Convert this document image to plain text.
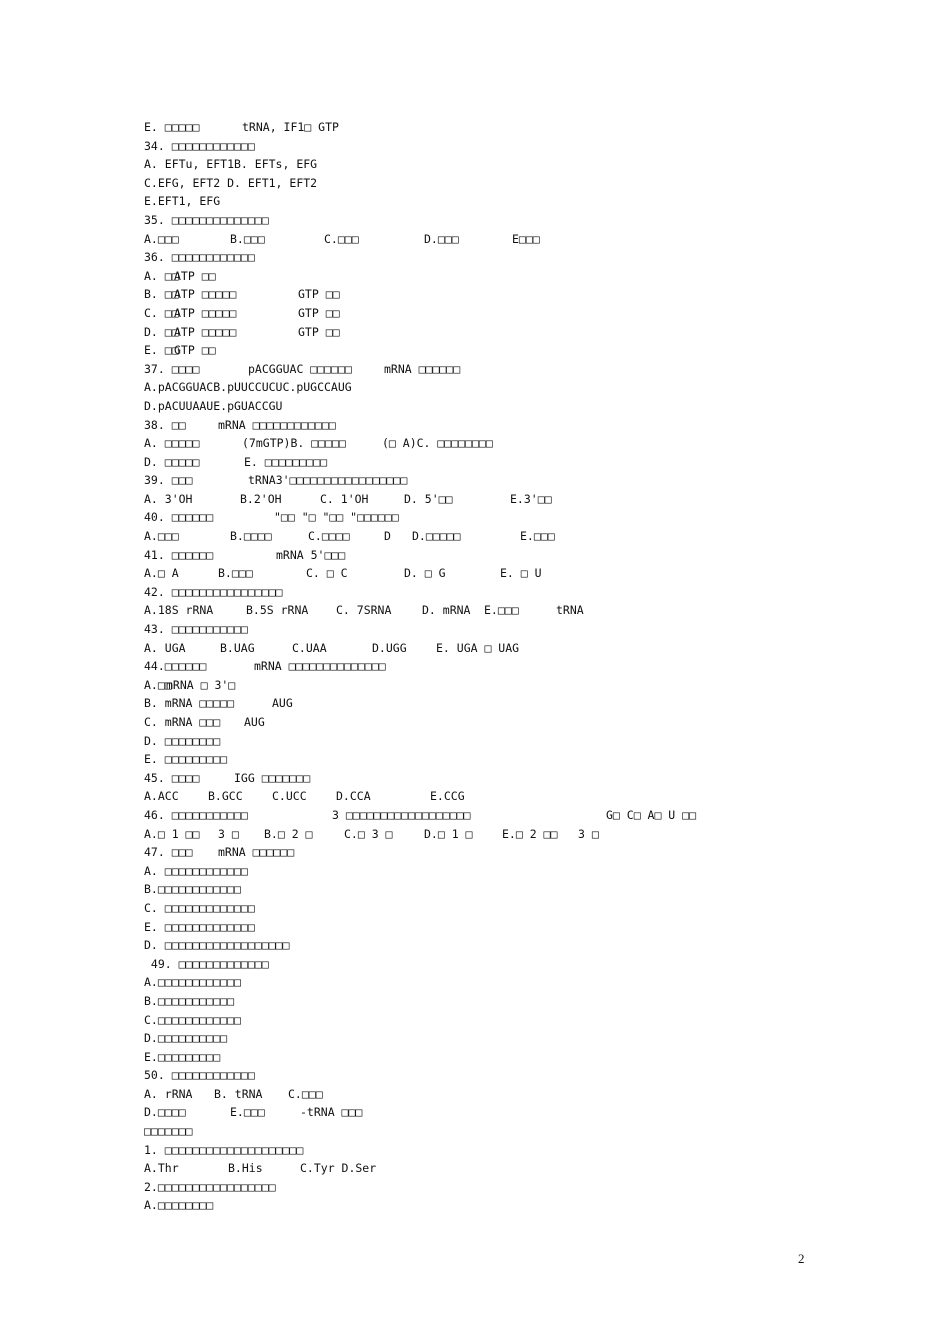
E. □□□□□	tRNA, IF1□ GTP
34. □□□□□□□□□□□□
A. EFTu, EFT1B. EFTs, EFG
C.EFG, EFT2 D. EFT1, EFT2
E.EFT1, EFG
35. □□□□□□□□□□□□□□
A.□□□	B.□□□	C.□□□	D.□□□	E□□□
36. □□□□□□□□□□□□
A. □□
ATP □□
B. □□
ATP □□□□□	GTP □□
C. □□
ATP □□□□□	GTP □□
D. □□
ATP □□□□□	GTP □□
E. □□
GTP □□
37. □□□□	pACGGUAC □□□□□□	mRNA □□□□□□
A.pACGGUACB.pUUCCUCUC.pUGCCAUG
D.pACUUAAUE.pGUACCGU
38. □□	mRNA □□□□□□□□□□□□
A. □□□□□	(7mGTP)B. □□□□□	(□ A)C. □□□□□□□□
D. □□□□□	E. □□□□□□□□□
39. □□□	tRNA3'□□□□□□□□□□□□□□□□□
A. 3'OH	B.2'OH	C. 1'OH	D. 5'□□	E.3'□□
40. □□□□□□	"□□ "□ "□□ "□□□□□□
A.□□□	B.□□□□	C.□□□□	D D.□□□□□	E.□□□
41. □□□□□□	mRNA 5'□□□
A.□ A	B.□□□	C. □ C	D. □ G	E. □ U
42. □□□□□□□□□□□□□□□□
A.18S rRNA	B.5S rRNA C. 7SRNA	D. mRNA E.□□□	tRNA
43. □□□□□□□□□□□
A. UGA	B.UAG	C.UAA	D.UGG	E. UGA □ UAG
44.□□□□□□	mRNA □□□□□□□□□□□□□□
A.□□
mRNA □ 3'□
B. mRNA □□□□□	AUG
C. mRNA □□□ AUG
D. □□□□□□□□
E. □□□□□□□□□
45. □□□□	IGG □□□□□□□
A.ACC	B.GCC	C.UCC	D.CCA	E.CCG
46. □□□□□□□□□□□	3 □□□□□□□□□□□□□□□□□□	G□ C□ A□ U □□
A.□ 1 □□ 3 □ B.□ 2 □	C.□ 3 □	D.□ 1 □	E.□ 2 □□ 3 □
47. □□□ mRNA □□□□□□
A. □□□□□□□□□□□□
B.□□□□□□□□□□□□
C. □□□□□□□□□□□□□
E. □□□□□□□□□□□□□
D. □□□□□□□□□□□□□□□□□□
49. □□□□□□□□□□□□□
A.□□□□□□□□□□□□
B.□□□□□□□□□□□
C.□□□□□□□□□□□□
D.□□□□□□□□□□
E.□□□□□□□□□
50. □□□□□□□□□□□□
A. rRNA B. tRNA C.□□□
D.□□□□	E.□□□	-tRNA □□□
□□□□□□□
1. □□□□□□□□□□□□□□□□□□□□
A.Thr	B.His	C.Tyr D.Ser
2.□□□□□□□□□□□□□□□□□
A.□□□□□□□□
2
